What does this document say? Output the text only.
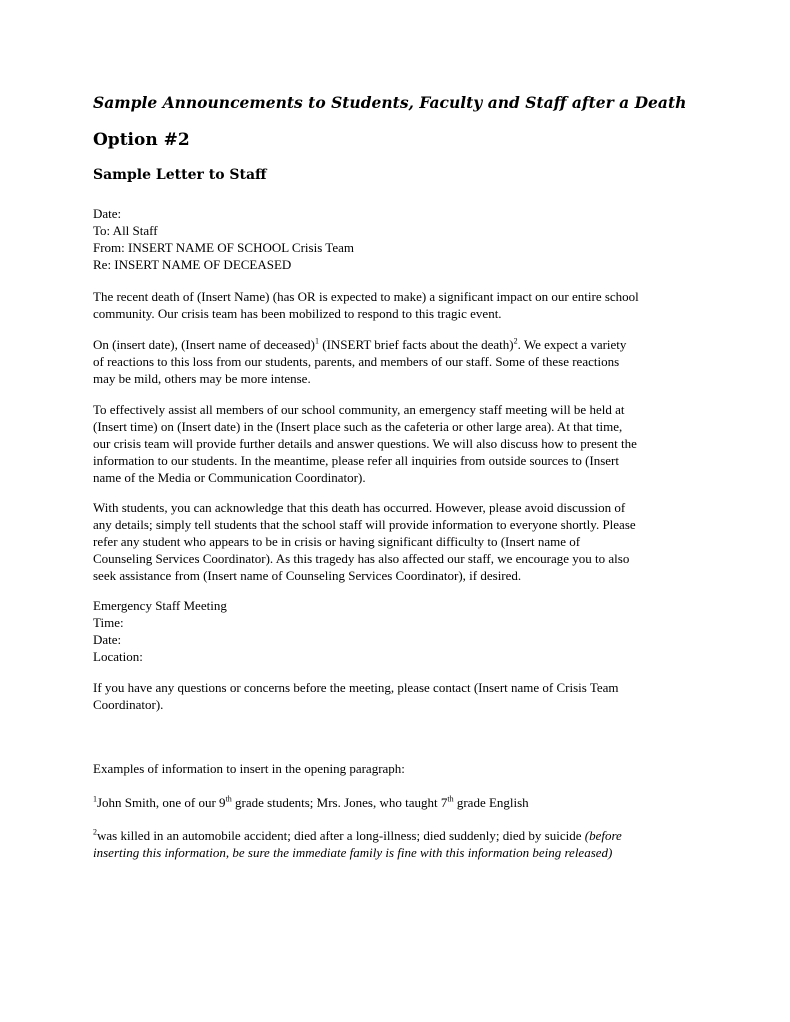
Sample Announcements to Students, Faculty and Staff after a Death
Option #2
Sample Letter to Staff
Date:
To: All Staff
From: INSERT NAME OF SCHOOL Crisis Team
Re: INSERT NAME OF DECEASED
The recent death of (Insert Name) (has OR is expected to make) a significant impact on our entire school
community. Our crisis team has been mobilized to respond to this tragic event.
On (insert date), (Insert name of deceased)$^1$ (INSERT brief facts about the death)$^2$. We expect a variety
of reactions to this loss from our students, parents, and members of our staff. Some of these reactions
may be mild, others may be more intense.
To effectively assist all members of our school community, an emergency staff meeting will be held at
(Insert time) on (Insert date) in the (Insert place such as the cafeteria or other large area). At that time,
our crisis team will provide further details and answer questions. We will also discuss how to present the
information to our students. In the meantime, please refer all inquiries from outside sources to (Insert
name of the Media or Communication Coordinator).
With students, you can acknowledge that this death has occurred. However, please avoid discussion of
any details; simply tell students that the school staff will provide information to everyone shortly. Please
refer any student who appears to be in crisis or having significant difficulty to (Insert name of
Counseling Services Coordinator). As this tragedy has also affected our staff, we encourage you to also
seek assistance from (Insert name of Counseling Services Coordinator), if desired.
Emergency Staff Meeting
Time:
Date:
Location:
If you have any questions or concerns before the meeting, please contact (Insert name of Crisis Team
Coordinator).
Examples of information to insert in the opening paragraph:
$^1$John Smith, one of our 9th grade students; Mrs. Jones, who taught 7th grade English
$^2$was killed in an automobile accident; died after a long-illness; died suddenly; died by suicide (before
inserting this information, be sure the immediate family is fine with this information being released)
